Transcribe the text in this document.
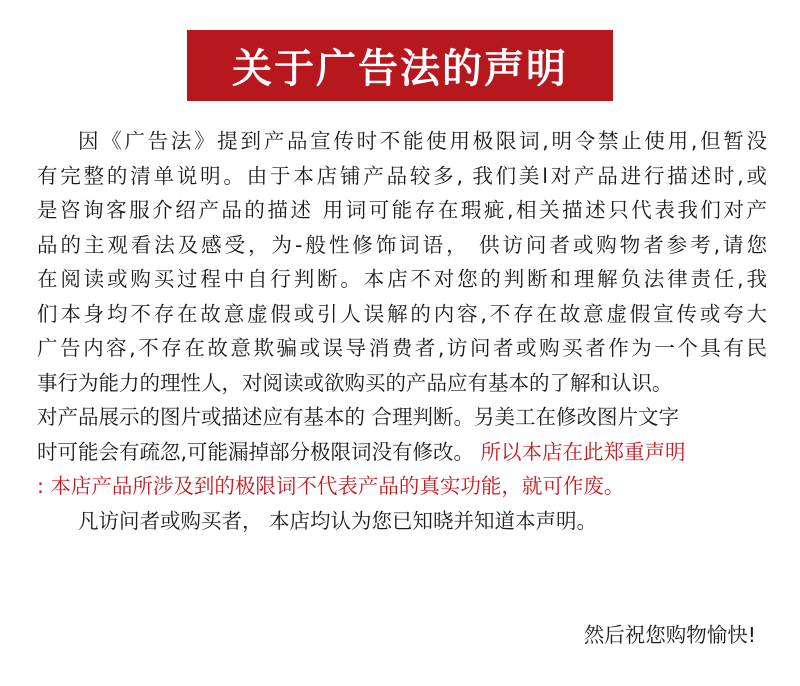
关于广告法的声明
因《广告法》提到产品宣传时不能使用极限词,明令禁止使用,但暂没
有完整的清单说明。由于本店铺产品较多, 我们美l对产品进行描述时,或
是咨询客服介绍产品的描述 用词可能存在瑕疵,相关描述只代表我们对产
品的主观看法及感受，为-般性修饰词语， 供访问者或购物者参考,请您
在阅读或购买过程中自行判断。本店不对您的判断和理解负法律责任,我
们本身均不存在故意虚假或引人误解的内容,不存在故意虚假宣传或夸大
广告内容,不存在故意欺骗或误导消费者,访问者或购买者作为一个具有民
事行为能力的理性人，对阅读或欲购买的产品应有基本的了解和认识。
对产品展示的图片或描述应有基本的 合理判断。另美工在修改图片文字
时可能会有疏忽,可能漏掉部分极限词没有修改。 所以本店在此郑重声明
: 本店产品所涉及到的极限词不代表产品的真实功能，就可作废。
凡访问者或购买者， 本店均认为您已知晓并知道本声明。
然后祝您购物愉快!
